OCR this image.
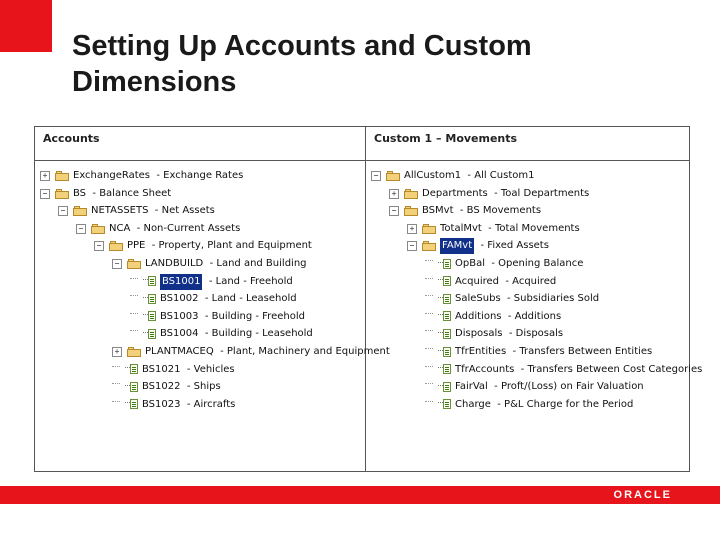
Setting Up Accounts and Custom Dimensions
Accounts
+	ExchangeRates - Exchange Rates
−	BS - Balance Sheet
−	NETASSETS - Net Assets
−	NCA - Non-Current Assets
−	PPE - Property, Plant and Equipment
−	LANDBUILD - Land and Building
BS1001 - Land - Freehold
BS1002 - Land - Leasehold
BS1003 - Building - Freehold
BS1004 - Building - Leasehold
+	PLANTMACEQ - Plant, Machinery and Equipment
BS1021 - Vehicles
BS1022 - Ships
BS1023 - Aircrafts
Custom 1 – Movements
−	AllCustom1 - All Custom1
+	Departments - Toal Departments
−	BSMvt - BS Movements
+	TotalMvt - Total Movements
−	FAMvt - Fixed Assets
OpBal - Opening Balance
Acquired - Acquired
SaleSubs - Subsidiaries Sold
Additions - Additions
Disposals - Disposals
TfrEntities - Transfers Between Entities
TfrAccounts - Transfers Between Cost Categories
FairVal - Proft/(Loss) on Fair Valuation
Charge - P&L Charge for the Period
ORACLE
